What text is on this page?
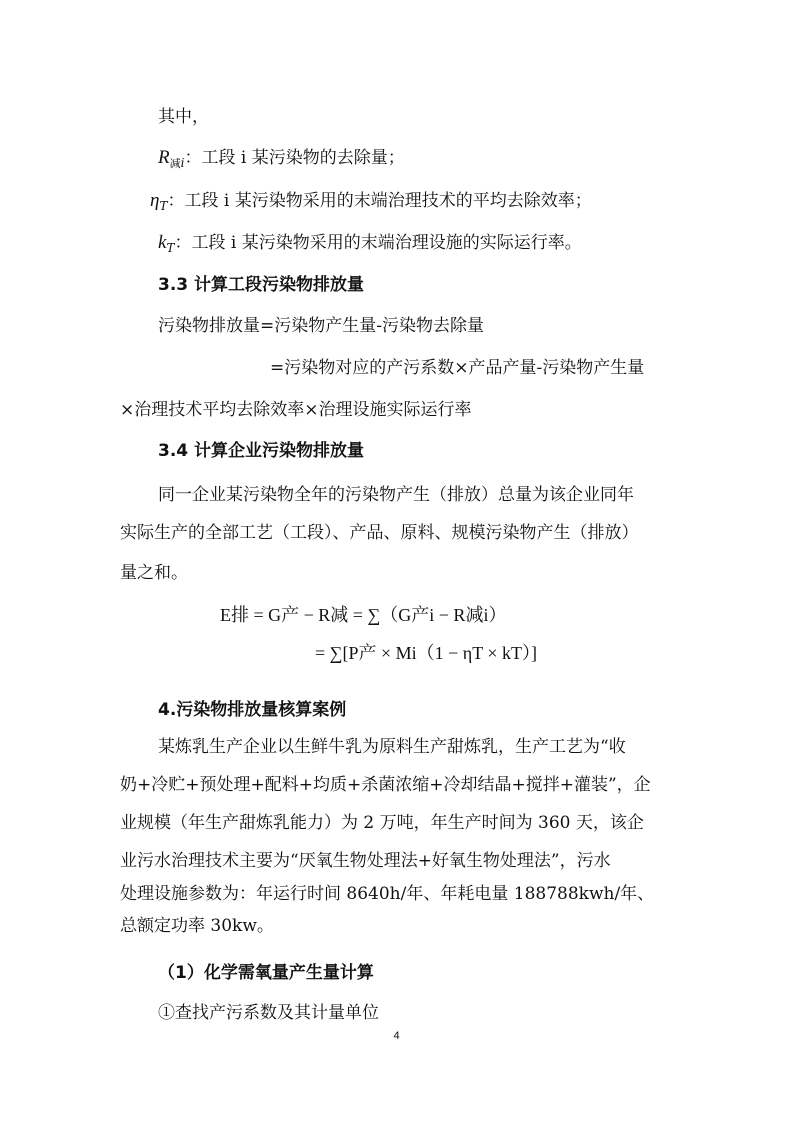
其中，
$R_{减i}$：工段 i 某污染物的去除量；
$\eta_T$：工段 i 某污染物采用的末端治理技术的平均去除效率；
$k_T$：工段 i 某污染物采用的末端治理设施的实际运行率。
3.3 计算工段污染物排放量
污染物排放量=污染物产生量-污染物去除量
=污染物对应的产污系数×产品产量-污染物产生量
×治理技术平均去除效率×治理设施实际运行率
3.4 计算企业污染物排放量
同一企业某污染物全年的污染物产生（排放）总量为该企业同年
实际生产的全部工艺（工段）、产品、原料、规模污染物产生（排放）
量之和。
E排 = G产 − R减 = ∑（G产i − R减i）
= ∑[P产 × Mi（1 − ηT × kT）]
4.污染物排放量核算案例
某炼乳生产企业以生鲜牛乳为原料生产甜炼乳，生产工艺为“收
奶+冷贮+预处理+配料+均质+杀菌浓缩+冷却结晶+搅拌+灌装”，企
业规模（年生产甜炼乳能力）为 2 万吨，年生产时间为 360 天，该企
业污水治理技术主要为“厌氧生物处理法+好氧生物处理法”，污水
处理设施参数为：年运行时间 8640h/年、年耗电量 188788kwh/年、
总额定功率 30kw。
（1）化学需氧量产生量计算
①查找产污系数及其计量单位
4
